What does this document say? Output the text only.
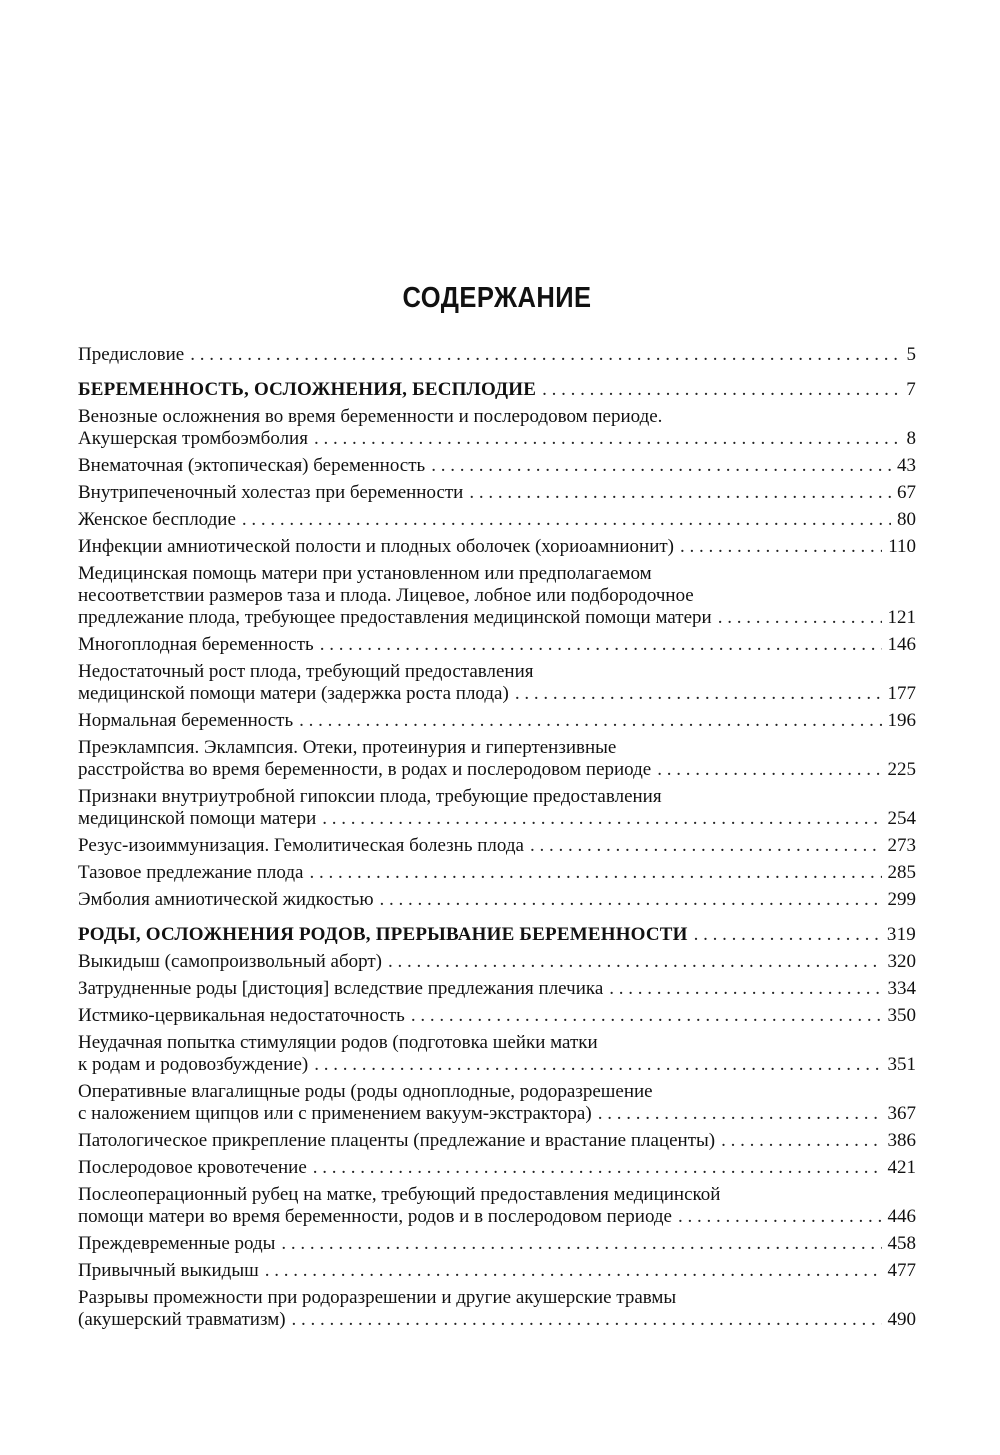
СОДЕРЖАНИЕ
Предисловие . . .	5
БЕРЕМЕННОСТЬ, ОСЛОЖНЕНИЯ, БЕСПЛОДИЕ . . .	7
Венозные осложнения во время беременности и послеродовом периоде.
Акушерская тромбоэмболия . . .	8
Внематочная (эктопическая) беременность . . .	43
Внутрипеченочный холестаз при беременности . . .	67
Женское бесплодие . . .	80
Инфекции амниотической полости и плодных оболочек (хориоамнионит) . . .	110
Медицинская помощь матери при установленном или предполагаемом
несоответствии размеров таза и плода. Лицевое, лобное или подбородочное
предлежание плода, требующее предоставления медицинской помощи матери . . .	121
Многоплодная беременность . . .	146
Недостаточный рост плода, требующий предоставления
медицинской помощи матери (задержка роста плода) . . .	177
Нормальная беременность . . .	196
Преэклампсия. Эклампсия. Отеки, протеинурия и гипертензивные
расстройства во время беременности, в родах и послеродовом периоде . . .	225
Признаки внутриутробной гипоксии плода, требующие предоставления
медицинской помощи матери . . .	254
Резус-изоиммунизация. Гемолитическая болезнь плода . . .	273
Тазовое предлежание плода . . .	285
Эмболия амниотической жидкостью . . .	299
РОДЫ, ОСЛОЖНЕНИЯ РОДОВ, ПРЕРЫВАНИЕ БЕРЕМЕННОСТИ . . .	319
Выкидыш (самопроизвольный аборт) . . .	320
Затрудненные роды [дистоция] вследствие предлежания плечика . . .	334
Истмико-цервикальная недостаточность . . .	350
Неудачная попытка стимуляции родов (подготовка шейки матки
к родам и родовозбуждение) . . .	351
Оперативные влагалищные роды (роды однoплодные, родоразрешение
с наложением щипцов или с применением вакуум-экстрактора) . . .	367
Патологическое прикрепление плаценты (предлежание и врастание плаценты) . . .	386
Послеродовое кровотечение . . .	421
Послеоперационный рубец на матке, требующий предоставления медицинской
помощи матери во время беременности, родов и в послеродовом периоде . . .	446
Преждевременные роды . . .	458
Привычный выкидыш . . .	477
Разрывы промежности при родоразрешении и другие акушерские травмы
(акушерский травматизм) . . .	490
